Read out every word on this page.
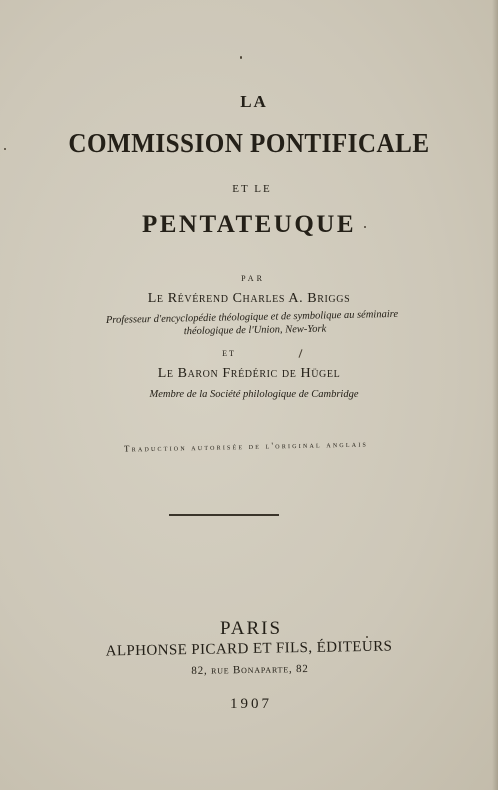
LA
COMMISSION PONTIFICALE
ET LE
PENTATEUQUE
PAR
Le Révérend Charles A. Briggs
Professeur d'encyclopédie théologique et de symbolique au séminaire
théologique de l'Union, New-York
ET
Le Baron Frédéric de Hügel
Membre de la Société philologique de Cambridge
Traduction autorisée de l'original anglais
PARIS
ALPHONSE PICARD ET FILS, ÉDITEURS
82, rue Bonaparte, 82
1907
